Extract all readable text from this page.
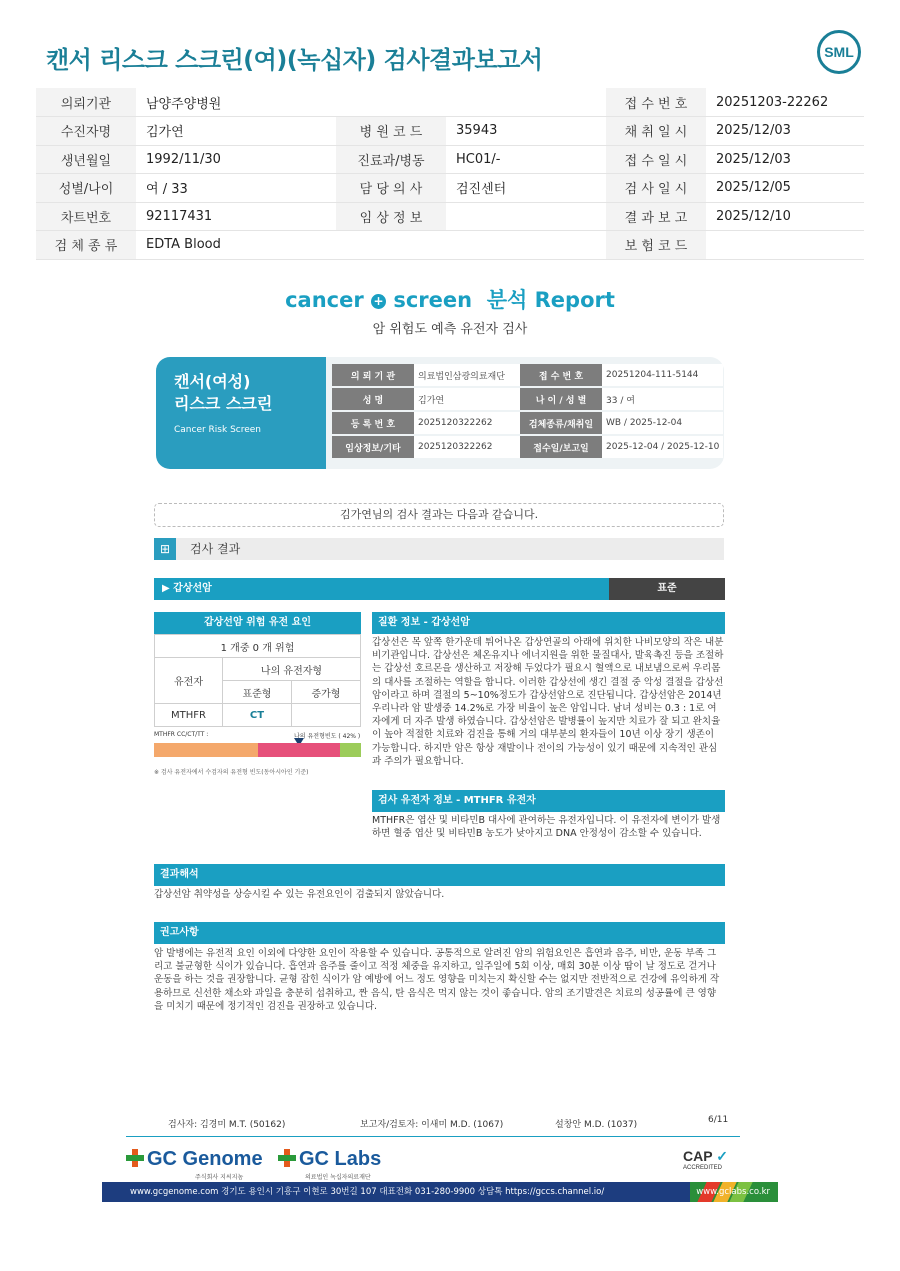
캔서 리스크 스크린(여)(녹십자) 검사결과보고서	SML
의뢰기관	남양주양병원			접 수 번 호	20251203-22262
수진자명	김가연	병 원 코 드	35943	채 취 일 시	2025/12/03
생년월일	1992/11/30	진료과/병동	HC01/-	접 수 일 시	2025/12/03
성별/나이	여 / 33	담 당 의 사	검진센터	검 사 일 시	2025/12/05
차트번호	92117431	임 상 정 보		결 과 보 고	2025/12/10
검 체 종 류	EDTA Blood			보 험 코 드	
cancer + screen 분석 Report
암 위험도 예측 유전자 검사
캔서(여성)
리스크 스크린
Cancer Risk Screen
의 뢰 기 관	의료법인삼광의료재단	접 수 번 호	20251204-111-5144
성 명	김가연	나 이 / 성 별	33 / 여
등 록 번 호	2025120322262	검체종류/채취일	WB / 2025-12-04
임상정보/기타	2025120322262	접수일/보고일	2025-12-04 / 2025-12-10
김가연님의 검사 결과는 다음과 같습니다.
⊞	검사 결과
▶ 갑상선암	표준
갑상선암 위험 유전 요인
1 개중 0 개 위험		
유전자	나의 유전자형	
	표준형	증가형
MTHFR	CT	
MTHFR CC/CT/TT :	나의 유전형빈도 ( 42% )
※ 검사 유전자에서 수검자의 유전형 빈도(동아시아인 기준)
질환 정보 - 갑상선암
갑상선은 목 앞쪽 한가운데 튀어나온 갑상연골의 아래에 위치한 나비모양의 작은 내분비기관입니다. 갑상선은 체온유지나 에너지원을 위한 물질대사, 발육촉진 등을 조절하는 갑상선 호르몬을 생산하고 저장해 두었다가 필요시 혈액으로 내보냄으로써 우리몸의 대사를 조절하는 역할을 합니다. 이러한 갑상선에 생긴 결절 중 악성 결절을 갑상선암이라고 하며 결절의 5~10%정도가 갑상선암으로 진단됩니다. 갑상선암은 2014년 우리나라 암 발생중 14.2%로 가장 비율이 높은 암입니다. 남녀 성비는 0.3 : 1로 여자에게 더 자주 발생 하였습니다. 갑상선암은 발병률이 높지만 치료가 잘 되고 완치율이 높아 적절한 치료와 검진을 통해 거의 대부분의 환자들이 10년 이상 장기 생존이 가능합니다. 하지만 암은 항상 재발이나 전이의 가능성이 있기 때문에 지속적인 관심과 주의가 필요합니다.
검사 유전자 정보 - MTHFR 유전자
MTHFR은 엽산 및 비타민B 대사에 관여하는 유전자입니다. 이 유전자에 변이가 발생하면 혈중 엽산 및 비타민B 농도가 낮아지고 DNA 안정성이 감소할 수 있습니다.
결과해석
갑상선암 취약성을 상승시킬 수 있는 유전요인이 검출되지 않았습니다.
권고사항
암 발병에는 유전적 요인 이외에 다양한 요인이 작용할 수 있습니다. 공통적으로 알려진 암의 위험요인은 흡연과 음주, 비만, 운동 부족 그리고 불균형한 식이가 있습니다. 흡연과 음주를 줄이고 적정 체중을 유지하고, 일주일에 5회 이상, 매회 30분 이상 땀이 날 정도로 걷거나 운동을 하는 것을 권장합니다. 균형 잡힌 식이가 암 예방에 어느 정도 영향을 미치는지 확신할 수는 없지만 전반적으로 건강에 유익하게 작용하므로 신선한 채소와 과일을 충분히 섭취하고, 짠 음식, 탄 음식은 먹지 않는 것이 좋습니다. 암의 조기발견은 치료의 성공률에 큰 영향을 미치기 때문에 정기적인 검진을 권장하고 있습니다.
검사자: 김경미 M.T. (50162)	보고자/검토자: 이새미 M.D. (1067)	설창안 M.D. (1037)	6/11
GC Genome
주식회사 지씨지놈
GC Labs
의료법인 녹십자의료재단
CAP ✓
ACCREDITED
www.gcgenome.com 경기도 용인시 기흥구 이현로 30번길 107 대표전화 031-280-9900 상담톡 https://gccs.channel.io/	www.gclabs.co.kr
